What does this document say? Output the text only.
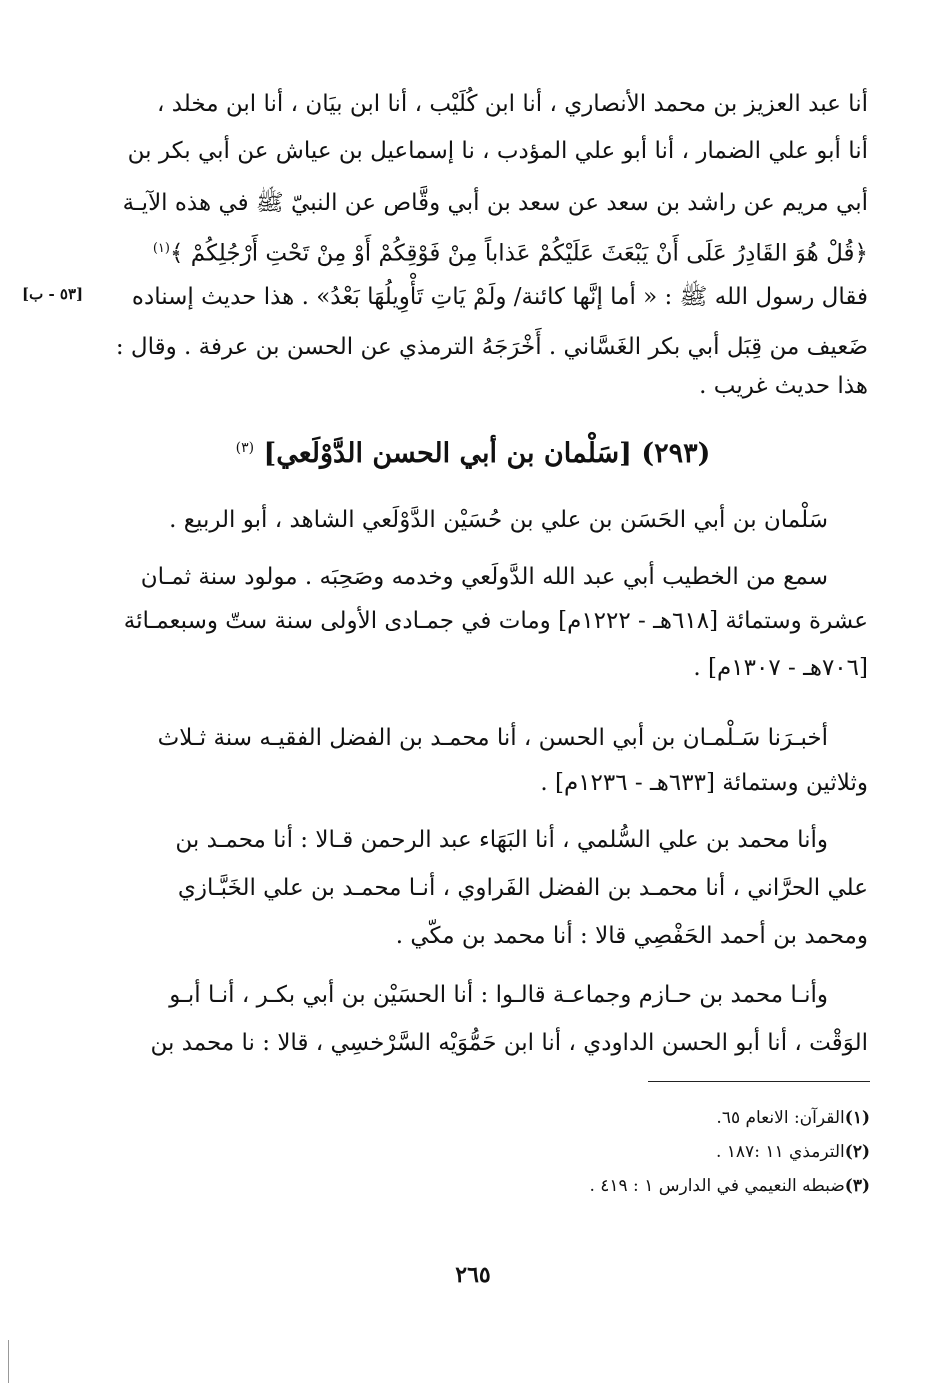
أنا عبد العزيز بن محمد الأنصاري ، أنا ابن كُلَيْب ، أنا ابن بيَان ، أنا ابن مخلد ،
أنا أبو علي الضمار ، أنا أبو علي المؤدب ، نا إسماعيل بن عياش عن أبي بكر بن
أبي مريم عن راشد بن سعد عن سعد بن أبي وقَّاص عن النبيّ ﷺ في هذه الآيـة
﴿قُلْ هُوَ القَادِرُ عَلَى أَنْ يَبْعَثَ عَلَيْكُمْ عَذاباً مِنْ فَوْقِكُمْ أَوْ مِنْ تَحْتِ أَرْجُلِكُمْ ﴾$^{(١)}$
فقال رسول الله ﷺ : « أما إنَّها كائنة/ ولَمْ يَاتِ تَأْوِيلُهَا بَعْدُ» . هذا حديث إسناده
[٥٣ - ب]
ضَعيف من قِبَل أبي بكر الغَسَّاني . أَخْرَجَهُ الترمذي عن الحسن بن عرفة . وقال :
هذا حديث غريب .
(٢٩٣) [سَلْمان بن أبي الحسن الدَّوْلَعي] $^{(٣)}$
سَلْمان بن أبي الحَسَن بن علي بن حُسَيْن الدَّوْلَعي الشاهد ، أبو الربيع .
سمع من الخطيب أبي عبد الله الدَّولَعي وخدمه وصَحِبَه . مولود سنة ثمـان
عشرة وستمائة [٦١٨هـ - ١٢٢٢م] ومات في جمـادى الأولى سنة ستّ وسبعمـائة
[٧٠٦هـ - ١٣٠٧م] .
أخبـرَنا سَـلْمـان بن أبي الحسن ، أنا محمـد بن الفضل الفقيـه سنة ثـلاث
وثلاثين وستمائة [٦٣٣هـ - ١٢٣٦م] .
وأنا محمد بن علي السُّلمي ، أنا البَهَاء عبد الرحمن قـالا : أنا محمـد بن
علي الحرَّاني ، أنا محمـد بن الفضل الفَراوي ، أنـا محمـد بن علي الخَبَّـازي
ومحمد بن أحمد الحَفْصِي قالا : أنا محمد بن مكّي .
وأنـا محمد بن حـازم وجماعـة قالـوا : أنا الحسَيْن بن أبي بكـر ، أنـا أبـو
الوَقْت ، أنا أبو الحسن الداودي ، أنا ابن حَمُّوَيْه السَّرْخسِي ، قالا : نا محمد بن
(١)القرآن: الانعام ٦٥.
(٢)الترمذي ١١ :١٨٧ .
(٣)ضبطه النعيمي في الدارس ١ : ٤١٩ .
٢٦٥
